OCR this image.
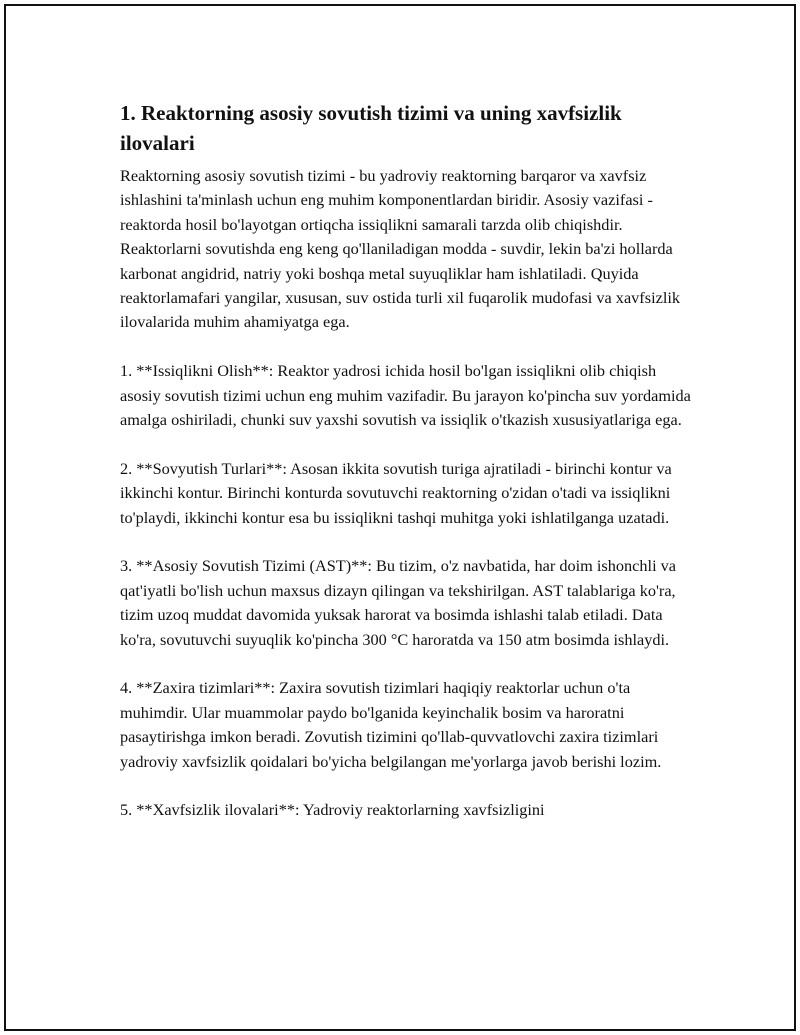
1. Reaktorning asosiy sovutish tizimi va uning xavfsizlik ilovalari

Reaktorning asosiy sovutish tizimi - bu yadroviy reaktorning barqaror va xavfsiz ishlashini ta'minlash uchun eng muhim komponentlardan biridir. Asosiy vazifasi - reaktorda hosil bo'layotgan ortiqcha issiqlikni samarali tarzda olib chiqishdir. Reaktorlarni sovutishda eng keng qo'llaniladigan modda - suvdir, lekin ba'zi hollarda karbonat angidrid, natriy yoki boshqa metal suyuqliklar ham ishlatiladi. Quyida reaktorlamafari yangilar, xususan, suv ostida turli xil fuqarolik mudofasi va xavfsizlik ilovalarida muhim ahamiyatga ega.

1. **Issiqlikni Olish**: Reaktor yadrosi ichida hosil bo'lgan issiqlikni olib chiqish asosiy sovutish tizimi uchun eng muhim vazifadir. Bu jarayon ko'pincha suv yordamida amalga oshiriladi, chunki suv yaxshi sovutish va issiqlik o'tkazish xususiyatlariga ega.

2. **Sovyutish Turlari**: Asosan ikkita sovutish turiga ajratiladi - birinchi kontur va ikkinchi kontur. Birinchi konturda sovutuvchi reaktorning o'zidan o'tadi va issiqlikni to'playdi, ikkinchi kontur esa bu issiqlikni tashqi muhitga yoki ishlatilganga uzatadi.

3. **Asosiy Sovutish Tizimi (AST)**: Bu tizim, o'z navbatida, har doim ishonchli va qat'iyatli bo'lish uchun maxsus dizayn qilingan va tekshirilgan. AST talablariga ko'ra, tizim uzoq muddat davomida yuksak harorat va bosimda ishlashi talab etiladi. Data ko'ra, sovutuvchi suyuqlik ko'pincha 300 °C haroratda va 150 atm bosimda ishlaydi.

4. **Zaxira tizimlari**: Zaxira sovutish tizimlari haqiqiy reaktorlar uchun o'ta muhimdir. Ular muammolar paydo bo'lganida keyinchalik bosim va haroratni pasaytirishga imkon beradi. Zovutish tizimini qo'llab-quvvatlovchi zaxira tizimlari yadroviy xavfsizlik qoidalari bo'yicha belgilangan me'yorlarga javob berishi lozim.

5. **Xavfsizlik ilovalari**: Yadroviy reaktorlarning xavfsizligini
